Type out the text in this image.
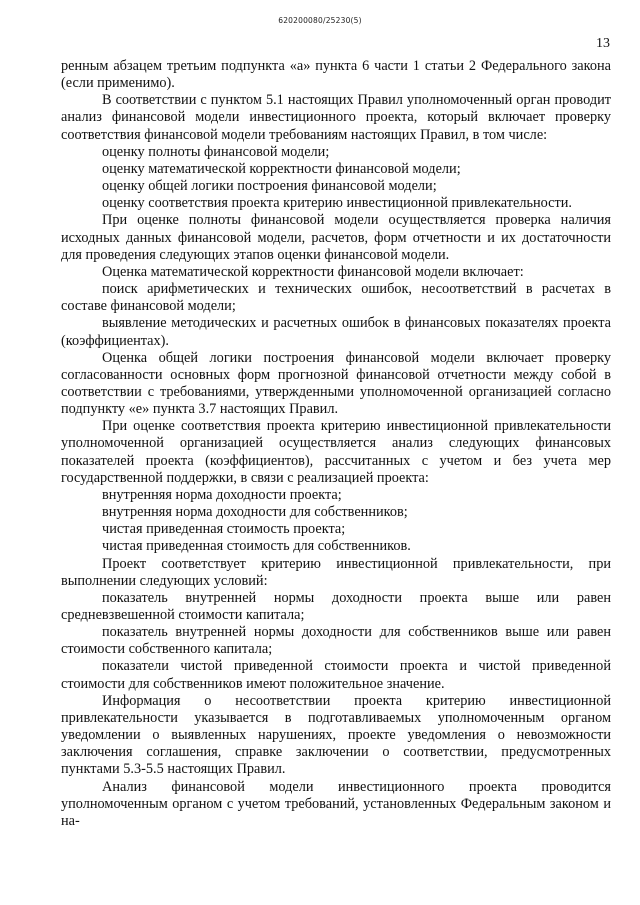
620200080/25230(5)
13

ренным абзацем третьим подпункта «а» пункта 6 части 1 статьи 2 Федерального закона (если применимо).

В соответствии с пунктом 5.1 настоящих Правил уполномоченный орган проводит анализ финансовой модели инвестиционного проекта, который включает проверку соответствия финансовой модели требованиям настоящих Правил, в том числе:

оценку полноты финансовой модели;

оценку математической корректности финансовой модели;

оценку общей логики построения финансовой модели;

оценку соответствия проекта критерию инвестиционной привлекательности.

При оценке полноты финансовой модели осуществляется проверка наличия исходных данных финансовой модели, расчетов, форм отчетности и их достаточности для проведения следующих этапов оценки финансовой модели.

Оценка математической корректности финансовой модели включает:

поиск арифметических и технических ошибок, несоответствий в расчетах в составе финансовой модели;

выявление методических и расчетных ошибок в финансовых показателях проекта (коэффициентах).

Оценка общей логики построения финансовой модели включает проверку согласованности основных форм прогнозной финансовой отчетности между собой в соответствии с требованиями, утвержденными уполномоченной организацией согласно подпункту «е» пункта 3.7 настоящих Правил.

При оценке соответствия проекта критерию инвестиционной привлекательности уполномоченной организацией осуществляется анализ следующих финансовых показателей проекта (коэффициентов), рассчитанных с учетом и без учета мер государственной поддержки, в связи с реализацией проекта:

внутренняя норма доходности проекта;

внутренняя норма доходности для собственников;

чистая приведенная стоимость проекта;

чистая приведенная стоимость для собственников.

Проект соответствует критерию инвестиционной привлекательности, при выполнении следующих условий:

показатель внутренней нормы доходности проекта выше или равен средневзвешенной стоимости капитала;

показатель внутренней нормы доходности для собственников выше или равен стоимости собственного капитала;

показатели чистой приведенной стоимости проекта и чистой приведенной стоимости для собственников имеют положительное значение.

Информация о несоответствии проекта критерию инвестиционной привлекательности указывается в подготавливаемых уполномоченным органом уведомлении о выявленных нарушениях, проекте уведомления о невозможности заключения соглашения, справке заключении о соответствии, предусмотренных пунктами 5.3-5.5 настоящих Правил.

Анализ финансовой модели инвестиционного проекта проводится уполномоченным органом с учетом требований, установленных Федеральным законом и на-
